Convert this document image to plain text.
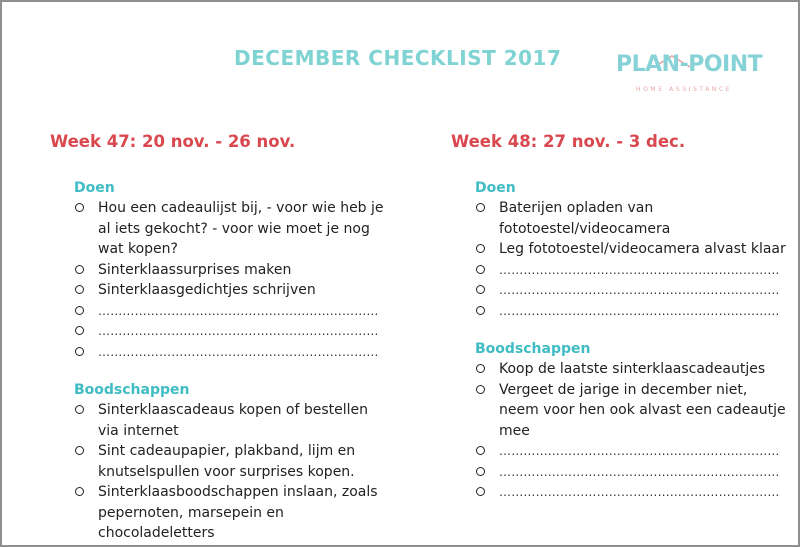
DECEMBER CHECKLIST 2017 PLAN-POINT
HOME ASSISTANCE
Week 47: 20 nov. - 26 nov.
Doen
Hou een cadeaulijst bij, - voor wie heb je al iets gekocht? - voor wie moet je nog wat kopen?
Sinterklaassurprises maken
Sinterklaasgedichtjes schrijven
……………………………………………………………
……………………………………………………………
……………………………………………………………
Boodschappen
Sinterklaascadeaus kopen of bestellen via internet
Sint cadeaupapier, plakband, lijm en knutselspullen voor surprises kopen.
Sinterklaasboodschappen inslaan, zoals pepernoten, marsepein en chocoladeletters
Week 48: 27 nov. - 3 dec.
Doen
Baterijen opladen van fototoestel/videocamera
Leg fototoestel/videocamera alvast klaar
……………………………………………………………
……………………………………………………………
……………………………………………………………
Boodschappen
Koop de laatste sinterklaascadeautjes
Vergeet de jarige in december niet, neem voor hen ook alvast een cadeautje mee
……………………………………………………………
……………………………………………………………
……………………………………………………………
